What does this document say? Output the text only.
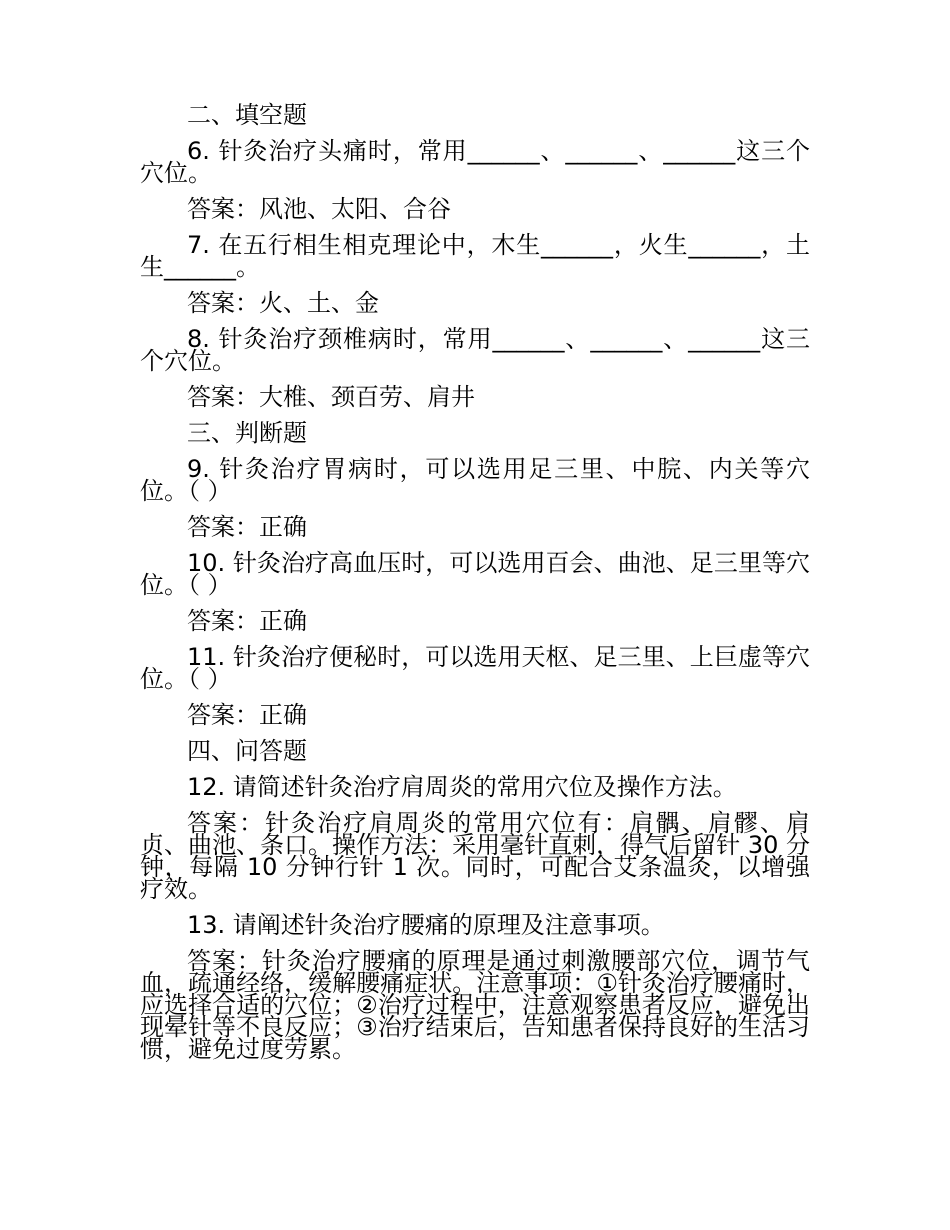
二、填空题

6. 针灸治疗头痛时，常用______、______、______这三个穴位。

答案：风池、太阳、合谷

7. 在五行相生相克理论中，木生______，火生______，土生______。

答案：火、土、金

8. 针灸治疗颈椎病时，常用______、______、______这三个穴位。

答案：大椎、颈百劳、肩井

三、判断题

9. 针灸治疗胃病时，可以选用足三里、中脘、内关等穴位。（ ）

答案：正确

10. 针灸治疗高血压时，可以选用百会、曲池、足三里等穴位。（ ）

答案：正确

11. 针灸治疗便秘时，可以选用天枢、足三里、上巨虚等穴位。（ ）

答案：正确

四、问答题

12. 请简述针灸治疗肩周炎的常用穴位及操作方法。

答案：针灸治疗肩周炎的常用穴位有：肩髃、肩髎、肩贞、曲池、条口。操作方法：采用毫针直刺，得气后留针 30 分钟，每隔 10 分钟行针 1 次。同时，可配合艾条温灸，以增强疗效。

13. 请阐述针灸治疗腰痛的原理及注意事项。

答案：针灸治疗腰痛的原理是通过刺激腰部穴位，调节气血，疏通经络，缓解腰痛症状。注意事项：①针灸治疗腰痛时，应选择合适的穴位；②治疗过程中，注意观察患者反应，避免出现晕针等不良反应；③治疗结束后，告知患者保持良好的生活习惯，避免过度劳累。
